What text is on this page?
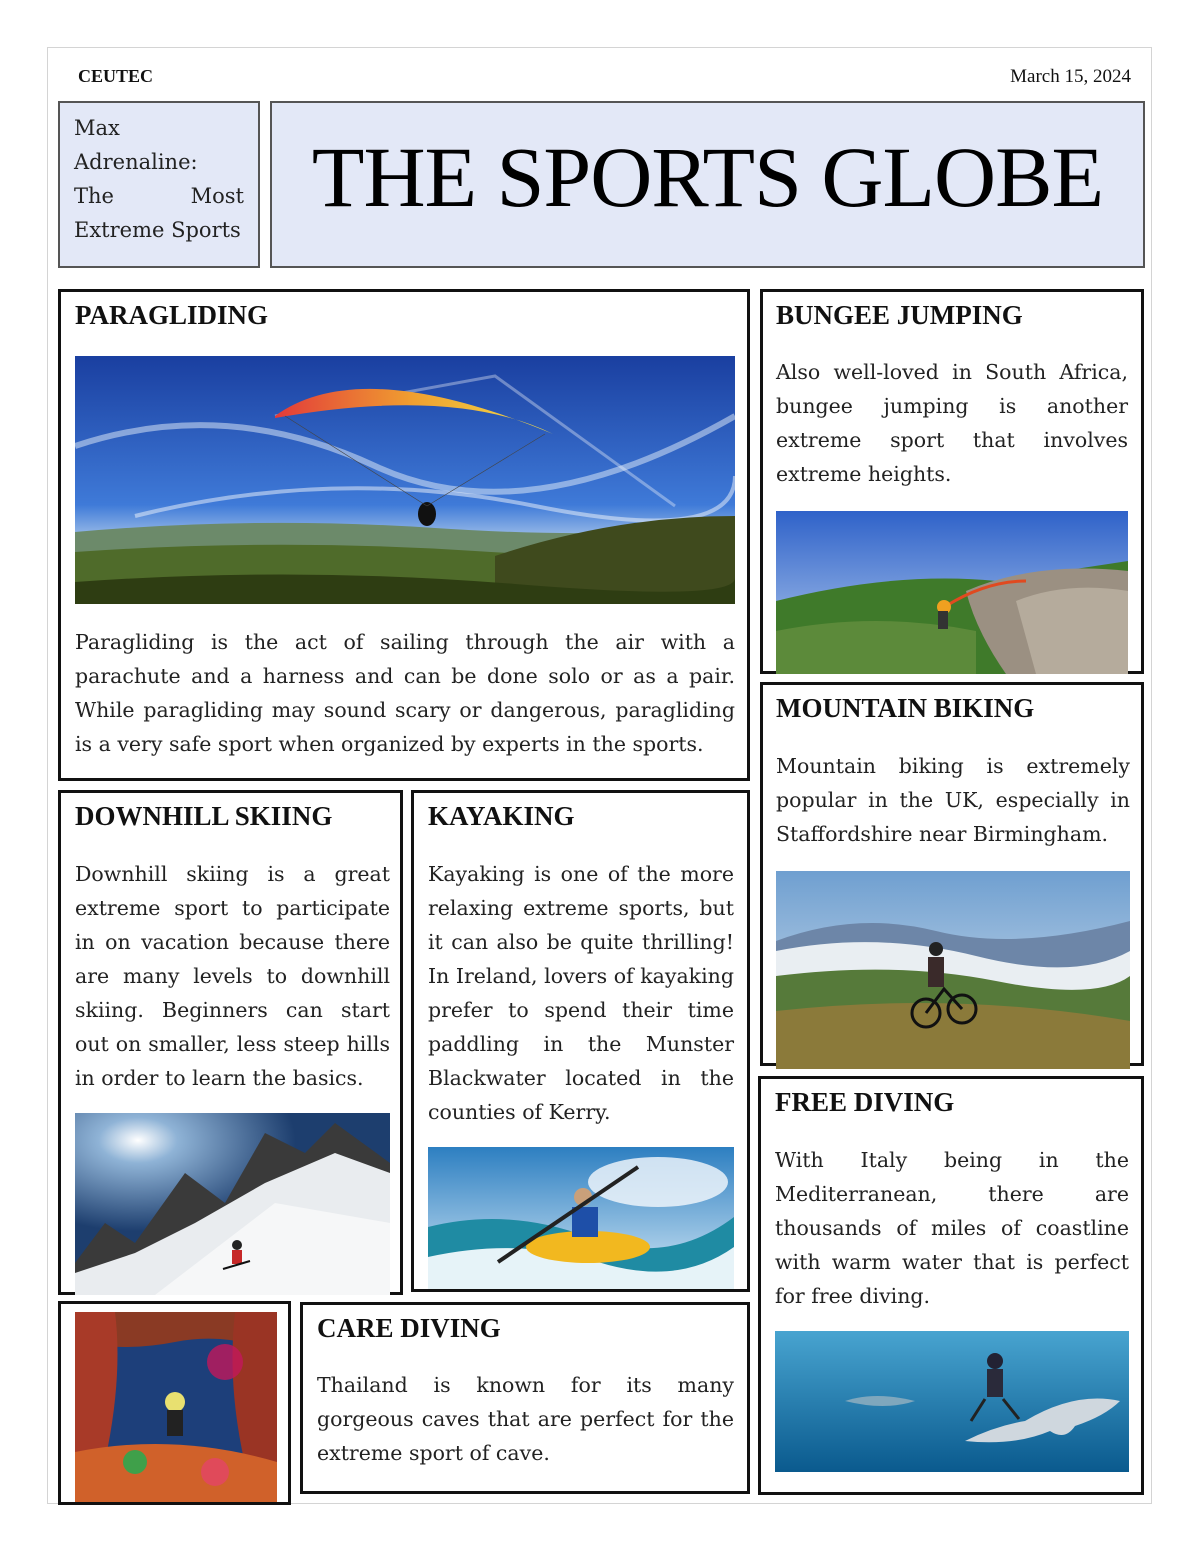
CEUTEC	March 15, 2024
Max Adrenaline: The Most Extreme Sports
THE SPORTS GLOBE
PARAGLIDING
Paragliding is the act of sailing through the air with a parachute and a harness and can be done solo or as a pair. While paragliding may sound scary or dangerous, paragliding is a very safe sport when organized by experts in the sports.
BUNGEE JUMPING
Also well-loved in South Africa, bungee jumping is another extreme sport that involves extreme heights.
MOUNTAIN BIKING
Mountain biking is extremely popular in the UK, especially in Staffordshire near Birmingham.
DOWNHILL SKIING
Downhill skiing is a great extreme sport to participate in on vacation because there are many levels to downhill skiing. Beginners can start out on smaller, less steep hills in order to learn the basics.
KAYAKING
Kayaking is one of the more relaxing extreme sports, but it can also be quite thrilling! In Ireland, lovers of kayaking prefer to spend their time paddling in the Munster Blackwater located in the counties of Kerry.	FREE DIVING
With Italy being in the Mediterranean, there are thousands of miles of coastline with warm water that is perfect for free diving.
CARE DIVING
Thailand is known for its many gorgeous caves that are perfect for the extreme sport of cave.
